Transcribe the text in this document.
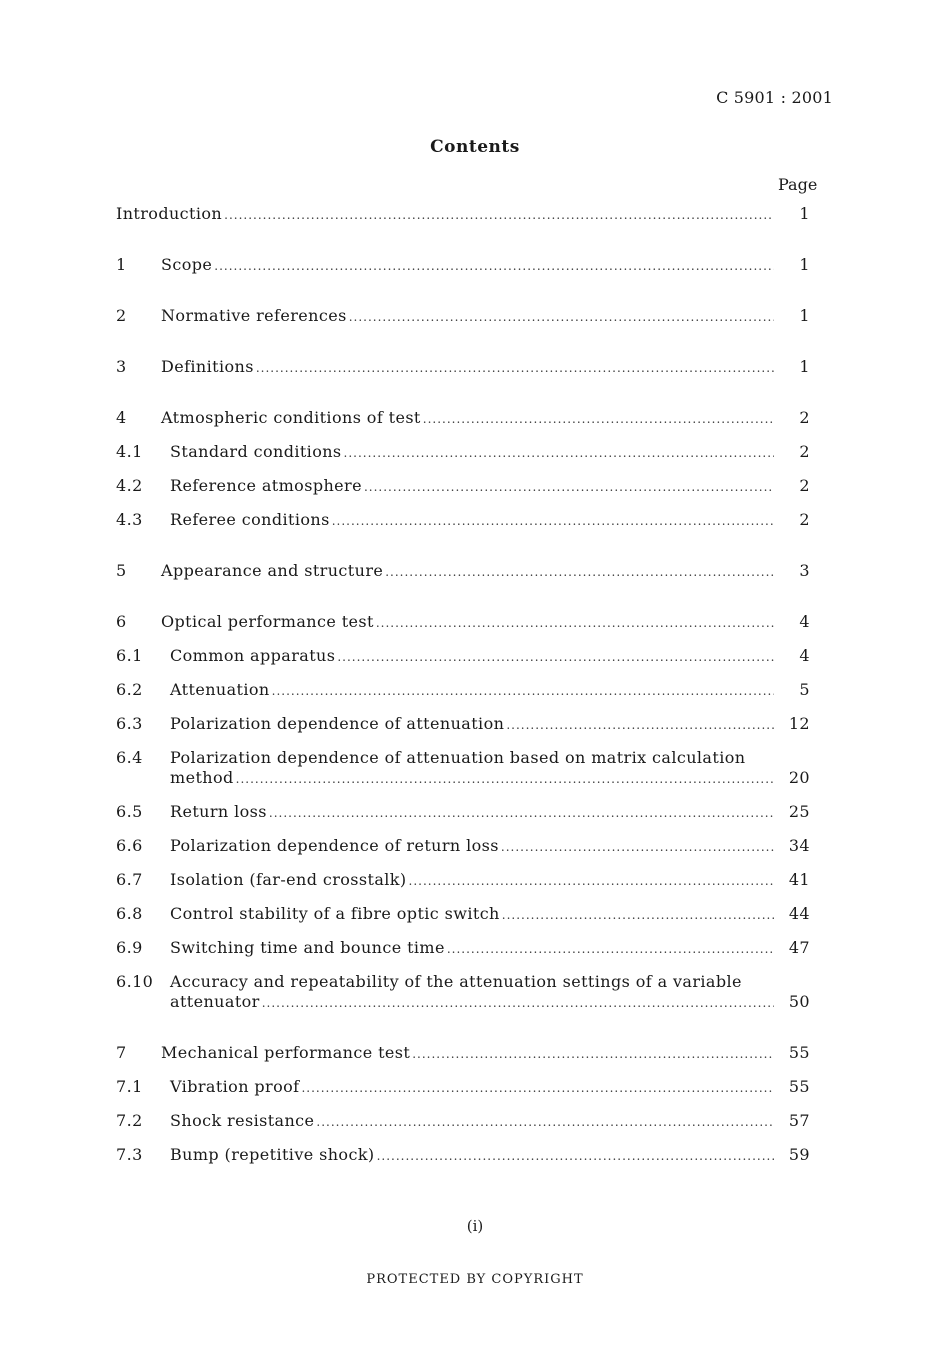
C 5901 : 2001
Contents
Page
Introduction .....	1
1 Scope .....	1
2 Normative references .....	1
3 Definitions .....	1
4 Atmospheric conditions of test .....	2
4.1 Standard conditions .....	2
4.2 Reference atmosphere .....	2
4.3 Referee conditions .....	2
5 Appearance and structure .....	3
6 Optical performance test .....	4
6.1 Common apparatus .....	4
6.2 Attenuation .....	5
6.3 Polarization dependence of attenuation .....	12
6.4 Polarization dependence of attenuation based on matrix calculation
method .....	20
6.5 Return loss .....	25
6.6 Polarization dependence of return loss .....	34
6.7 Isolation (far-end crosstalk) .....	41
6.8 Control stability of a fibre optic switch .....	44
6.9 Switching time and bounce time .....	47
6.10 Accuracy and repeatability of the attenuation settings of a variable
attenuator .....	50
7 Mechanical performance test .....	55
7.1 Vibration proof .....	55
7.2 Shock resistance .....	57
7.3 Bump (repetitive shock) .....	59
(i)
PROTECTED BY COPYRIGHT
